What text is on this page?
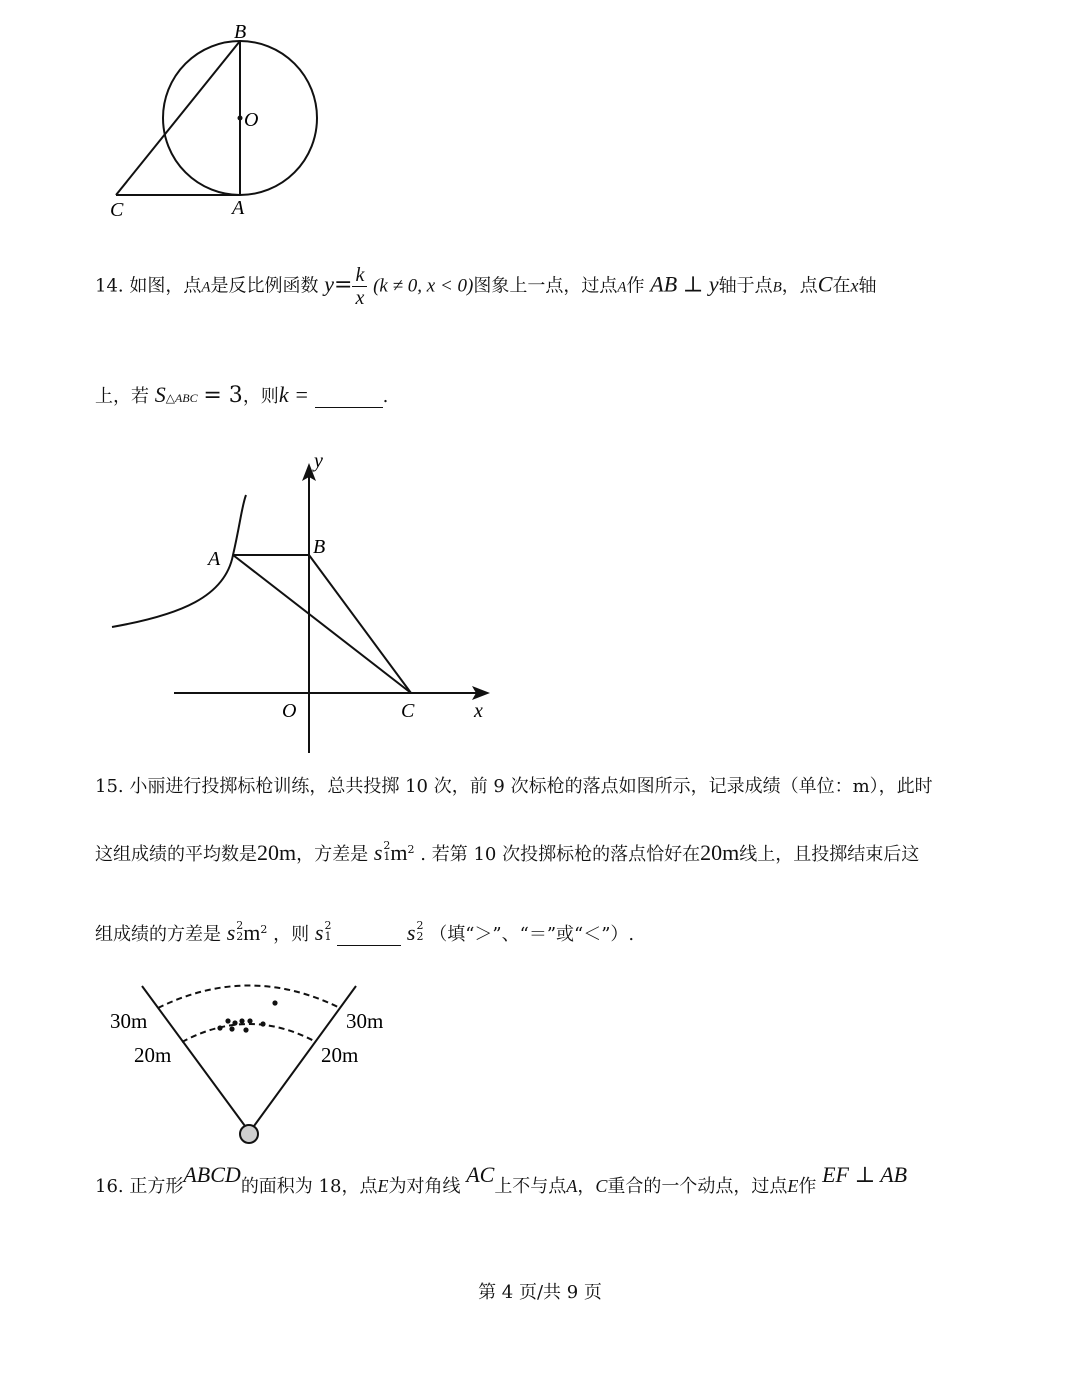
B
O
C	A
14. 如图，点A是反比例函数 $y= \frac{k}{x} (k \ne 0$, x < 0)图象上一点，过点A作 AB ⊥ y轴于点B，点C在x轴
上，若 S△ABC = 3，则k =	.
y
B
A
O	C	x
15. 小丽进行投掷标枪训练，总共投掷 10 次，前 9 次标枪的落点如图所示，记录成绩（单位：m），此时
这组成绩的平均数是20m，方差是 s 2
1 $m^2$ . 若第 10 次投掷标枪的落点恰好在20m线上，且投掷结束后这
组成绩的方差是 s 2
2 $m^2$ ，则 s 2
1	s 2
2 （填“＞”、“＝”或“＜”）.
30m	30m
20m	20m
16. 正方形ABCD的面积为 18，点E为对角线 AC上不与点A，C重合的一个动点，过点E作 EF ⊥ AB
第 4 页/共 9 页
